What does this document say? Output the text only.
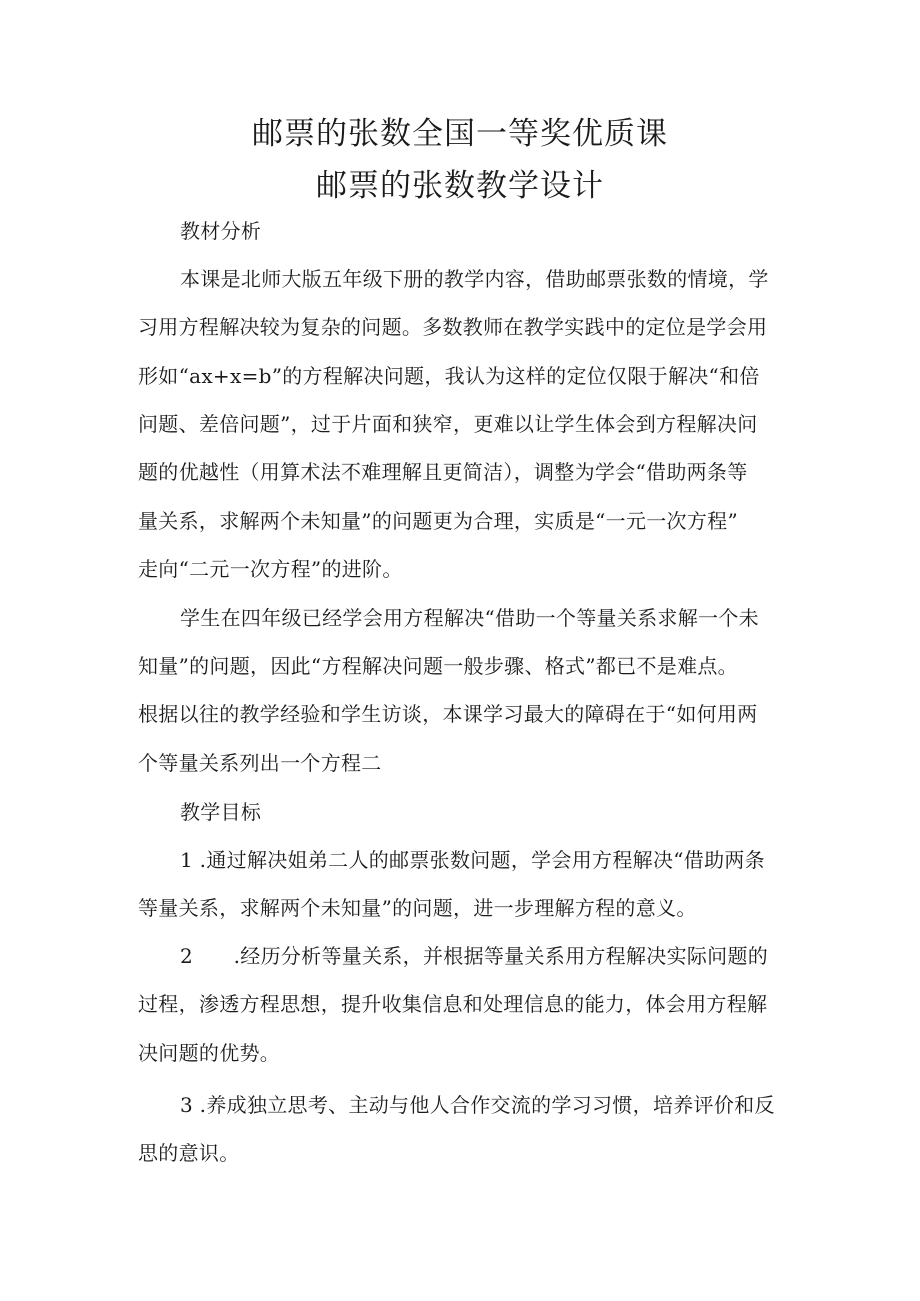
邮票的张数全国一等奖优质课
邮票的张数教学设计
教材分析
本课是北师大版五年级下册的教学内容，借助邮票张数的情境，学
习用方程解决较为复杂的问题。多数教师在教学实践中的定位是学会用
形如“ax+x=b”的方程解决问题，我认为这样的定位仅限于解决“和倍
问题、差倍问题”，过于片面和狭窄，更难以让学生体会到方程解决问
题的优越性（用算术法不难理解且更简洁），调整为学会“借助两条等
量关系，求解两个未知量”的问题更为合理，实质是“一元一次方程”
走向“二元一次方程”的进阶。
学生在四年级已经学会用方程解决“借助一个等量关系求解一个未
知量”的问题，因此“方程解决问题一般步骤、格式”都已不是难点。
根据以往的教学经验和学生访谈，本课学习最大的障碍在于“如何用两
个等量关系列出一个方程二
教学目标
1 .通过解决姐弟二人的邮票张数问题，学会用方程解决“借助两条
等量关系，求解两个未知量”的问题，进一步理解方程的意义。
2　　.经历分析等量关系，并根据等量关系用方程解决实际问题的
过程，渗透方程思想，提升收集信息和处理信息的能力，体会用方程解
决问题的优势。
3 .养成独立思考、主动与他人合作交流的学习习惯，培养评价和反
思的意识。
